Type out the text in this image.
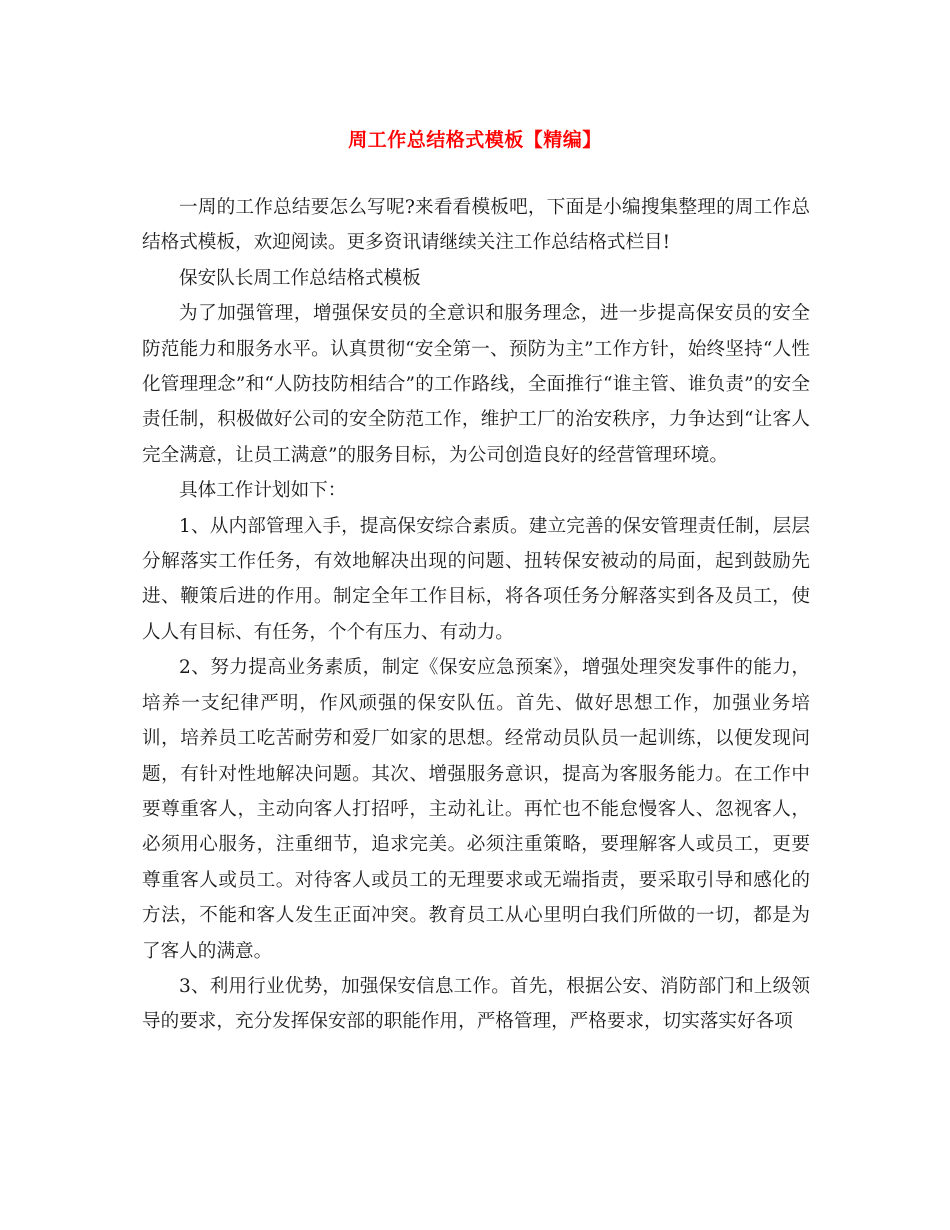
周工作总结格式模板【精编】

一周的工作总结要怎么写呢?来看看模板吧，下面是小编搜集整理的周工作总结格式模板，欢迎阅读。更多资讯请继续关注工作总结格式栏目!

保安队长周工作总结格式模板

为了加强管理，增强保安员的全意识和服务理念，进一步提高保安员的安全防范能力和服务水平。认真贯彻“安全第一、预防为主”工作方针，始终坚持“人性化管理理念”和“人防技防相结合”的工作路线，全面推行“谁主管、谁负责”的安全责任制，积极做好公司的安全防范工作，维护工厂的治安秩序，力争达到“让客人完全满意，让员工满意”的服务目标，为公司创造良好的经营管理环境。

具体工作计划如下：

1、从内部管理入手，提高保安综合素质。建立完善的保安管理责任制，层层分解落实工作任务，有效地解决出现的问题、扭转保安被动的局面，起到鼓励先进、鞭策后进的作用。制定全年工作目标，将各项任务分解落实到各及员工，使人人有目标、有任务，个个有压力、有动力。

2、努力提高业务素质，制定《保安应急预案》，增强处理突发事件的能力，培养一支纪律严明，作风顽强的保安队伍。首先、做好思想工作，加强业务培训，培养员工吃苦耐劳和爱厂如家的思想。经常动员队员一起训练，以便发现问题，有针对性地解决问题。其次、增强服务意识，提高为客服务能力。在工作中要尊重客人，主动向客人打招呼，主动礼让。再忙也不能怠慢客人、忽视客人，必须用心服务，注重细节，追求完美。必须注重策略，要理解客人或员工，更要尊重客人或员工。对待客人或员工的无理要求或无端指责，要采取引导和感化的方法，不能和客人发生正面冲突。教育员工从心里明白我们所做的一切，都是为了客人的满意。

3、利用行业优势，加强保安信息工作。首先，根据公安、消防部门和上级领导的要求，充分发挥保安部的职能作用，严格管理，严格要求，切实落实好各项
